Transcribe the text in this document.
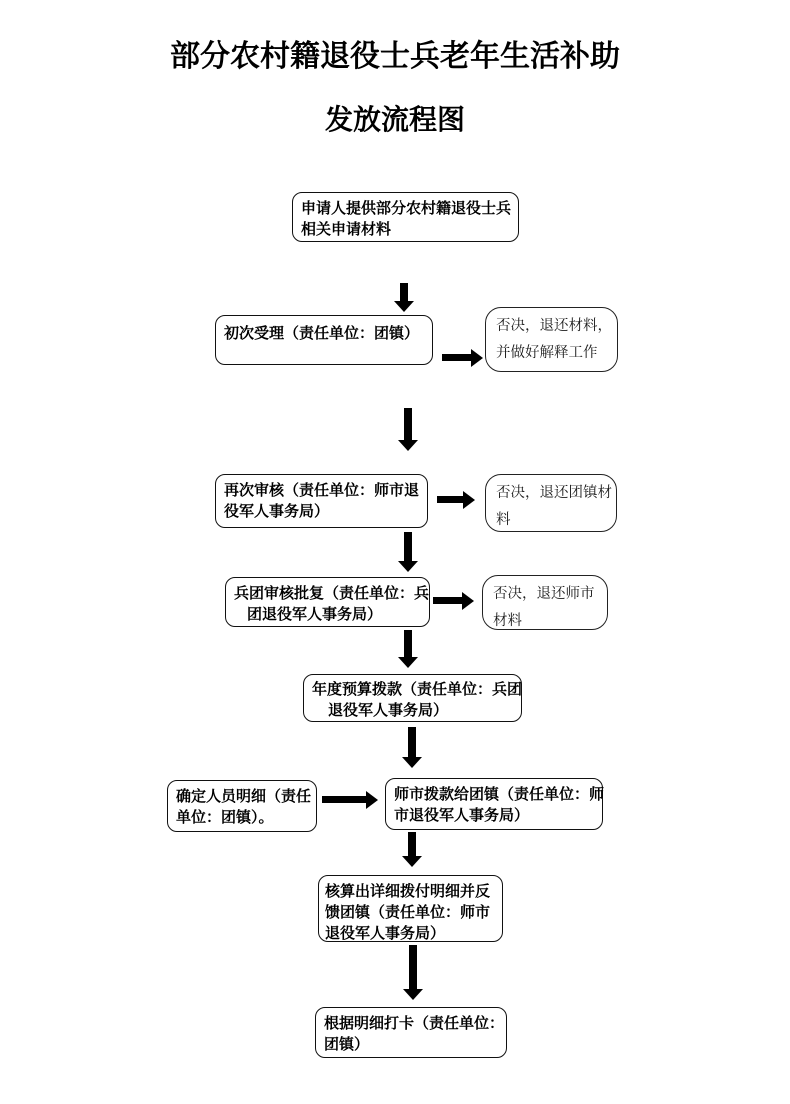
部分农村籍退役士兵老年生活补助
发放流程图
申请人提供部分农村籍退役士兵
相关申请材料
初次受理（责任单位：团镇）
再次审核（责任单位：师市退
役军人事务局）
兵团审核批复（责任单位：兵
团退役军人事务局）
年度预算拨款（责任单位：兵团
退役军人事务局）
确定人员明细（责任
单位：团镇）。
师市拨款给团镇（责任单位：师
市退役军人事务局）
核算出详细拨付明细并反
馈团镇（责任单位：师市
退役军人事务局）
根据明细打卡（责任单位：
团镇）
否决，退还材料，
并做好解释工作
否决，退还团镇材
料
否决，退还师市
材料
